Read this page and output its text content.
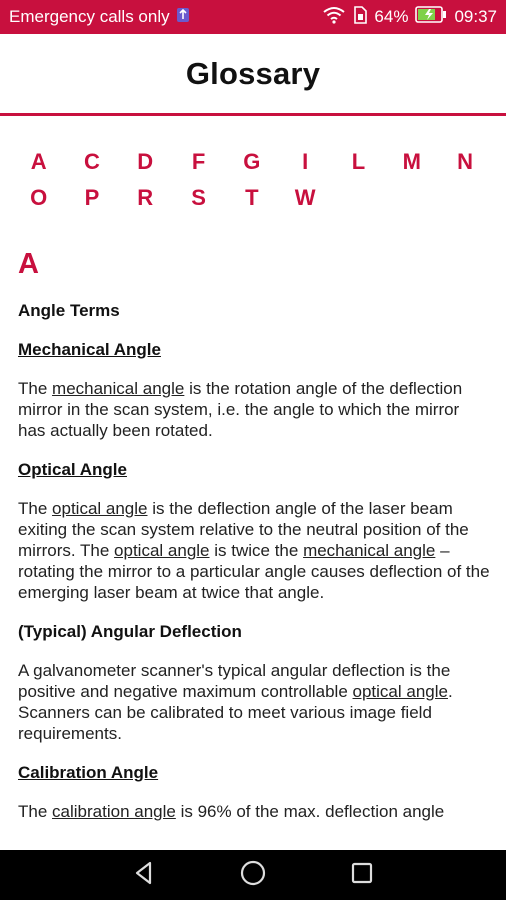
Emergency calls only	64%	09:37
Glossary
A	C	D	F	G	I	L	M	N
O	P	R	S	T	W
A
Angle Terms
Mechanical Angle
The mechanical angle is the rotation angle of the deflection mirror in the scan system, i.e. the angle to which the mirror has actually been rotated.
Optical Angle
The optical angle is the deflection angle of the laser beam exiting the scan system relative to the neutral position of the mirrors. The optical angle is twice the mechanical angle – rotating the mirror to a particular angle causes deflection of the emerging laser beam at twice that angle.
(Typical) Angular Deflection
A galvanometer scanner's typical angular deflection is the positive and negative maximum controllable optical angle. Scanners can be calibrated to meet various image field requirements.
Calibration Angle
The calibration angle is 96% of the max. deflection angle
